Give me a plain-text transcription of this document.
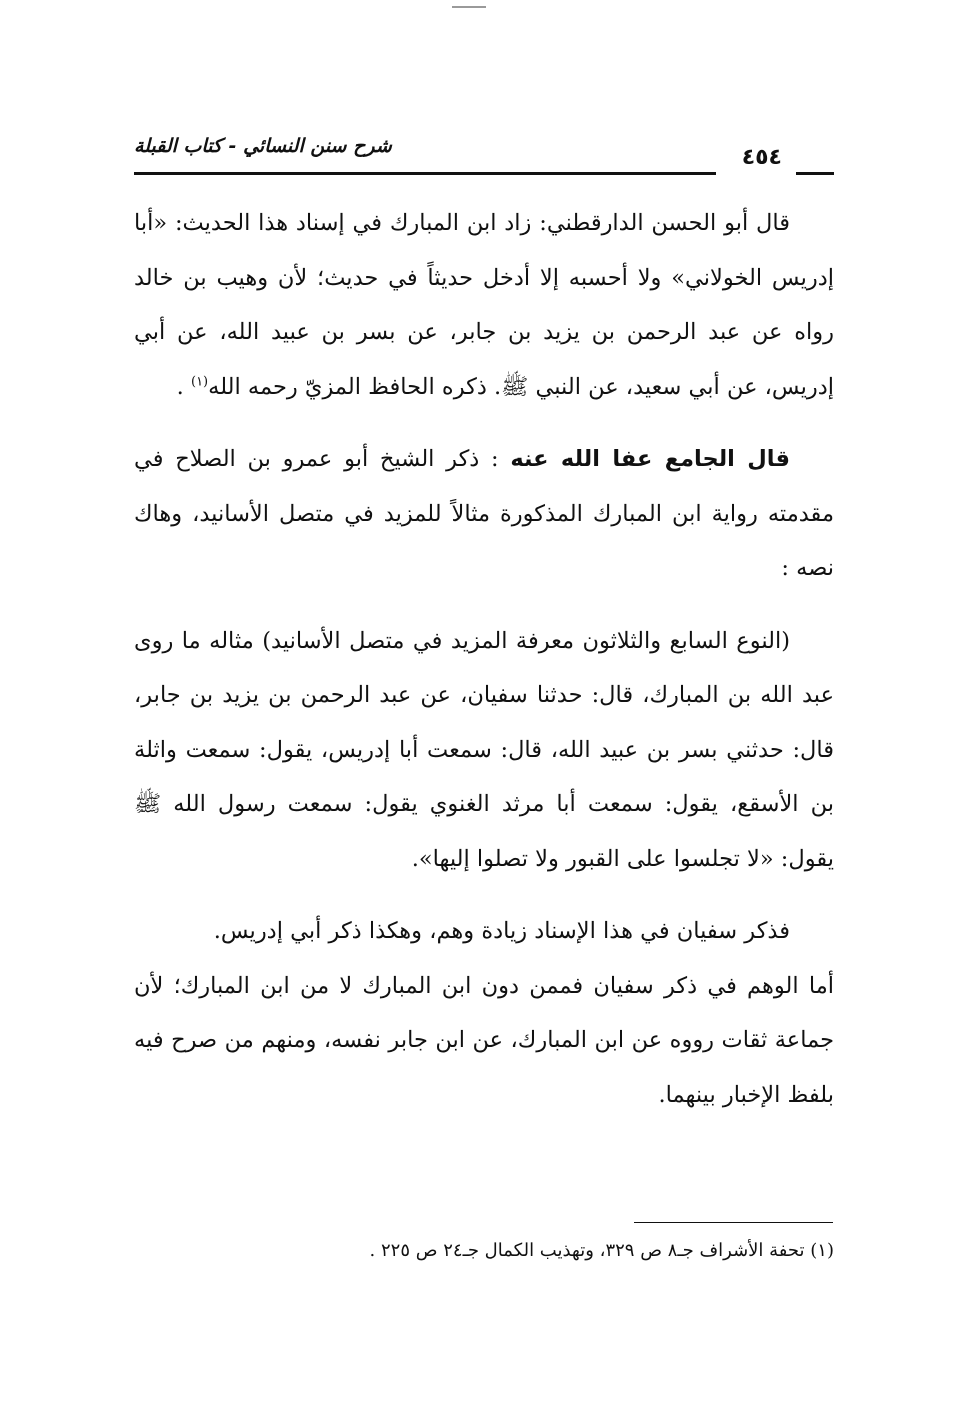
شرح سنن النسائي - كتاب القبلة	٤٥٤

قال أبو الحسن الدارقطني: زاد ابن المبارك في إسناد هذا الحديث: «أبا إدريس الخولاني» ولا أحسبه إلا أدخل حديثاً في حديث؛ لأن وهيب بن خالد رواه عن عبد الرحمن بن يزيد بن جابر، عن بسر بن عبيد الله، عن أبي إدريس، عن أبي سعيد، عن النبي ﷺ. ذكره الحافظ المزيّ رحمه الله$^{(١)}$ .

قال الجامع عفا الله عنه : ذكر الشيخ أبو عمرو بن الصلاح في مقدمته رواية ابن المبارك المذكورة مثالاً للمزيد في متصل الأسانيد، وهاك نصه :

(النوع السابع والثلاثون معرفة المزيد في متصل الأسانيد) مثاله ما روى عبد الله بن المبارك، قال: حدثنا سفيان، عن عبد الرحمن بن يزيد بن جابر، قال: حدثني بسر بن عبيد الله، قال: سمعت أبا إدريس، يقول: سمعت واثلة بن الأسقع، يقول: سمعت أبا مرثد الغنوي يقول: سمعت رسول الله ﷺ يقول: «لا تجلسوا على القبور ولا تصلوا إليها».

فذكر سفيان في هذا الإسناد زيادة وهم، وهكذا ذكر أبي إدريس.

أما الوهم في ذكر سفيان فممن دون ابن المبارك لا من ابن المبارك؛ لأن جماعة ثقات رووه عن ابن المبارك، عن ابن جابر نفسه، ومنهم من صرح فيه بلفظ الإخبار بينهما.

(١) تحفة الأشراف جـ٨ ص ٣٢٩، وتهذيب الكمال جـ٢٤ ص ٢٢٥ .
